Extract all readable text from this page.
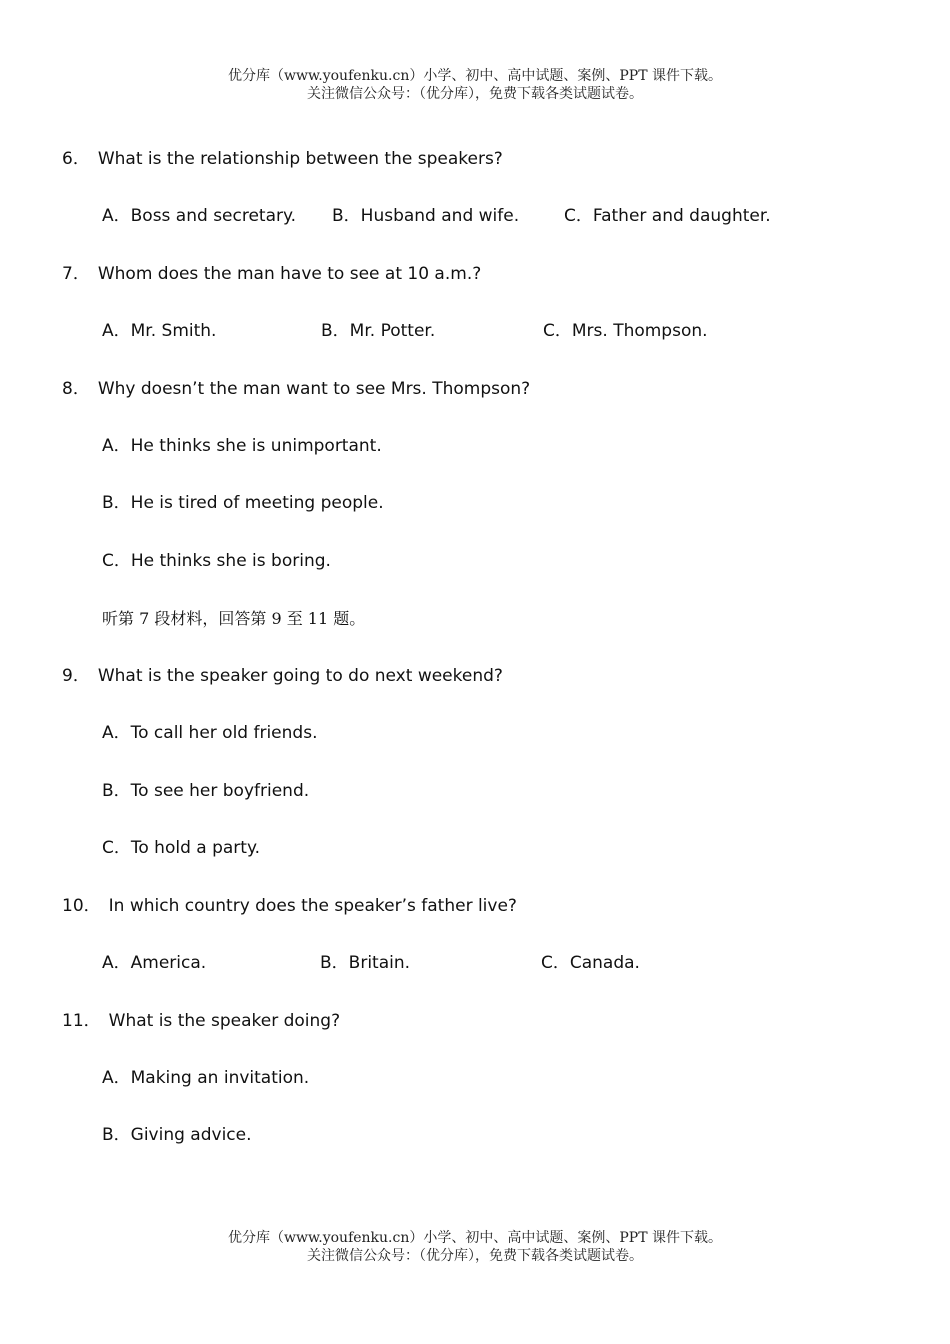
优分库（www.youfenku.cn）小学、初中、高中试题、案例、PPT 课件下载。
关注微信公众号：（优分库），免费下载各类试题试卷。
6． What is the relationship between the speakers?
A．Boss and secretary. B．Husband and wife.	C．Father and daughter.
7． Whom does the man have to see at 10 a.m.?
A．Mr. Smith.	B．Mr. Potter.	C．Mrs. Thompson.
8． Why doesn’t the man want to see Mrs. Thompson?
A．He thinks she is unimportant.
B．He is tired of meeting people.
C．He thinks she is boring.
听第 7 段材料，回答第 9 至 11 题。
9． What is the speaker going to do next weekend?
A．To call her old friends.
B．To see her boyfriend.
C．To hold a party.
10． In which country does the speaker’s father live?
A．America.	B．Britain.	C．Canada.
11． What is the speaker doing?
A．Making an invitation.
B．Giving advice.
优分库（www.youfenku.cn）小学、初中、高中试题、案例、PPT 课件下载。
关注微信公众号：（优分库），免费下载各类试题试卷。
